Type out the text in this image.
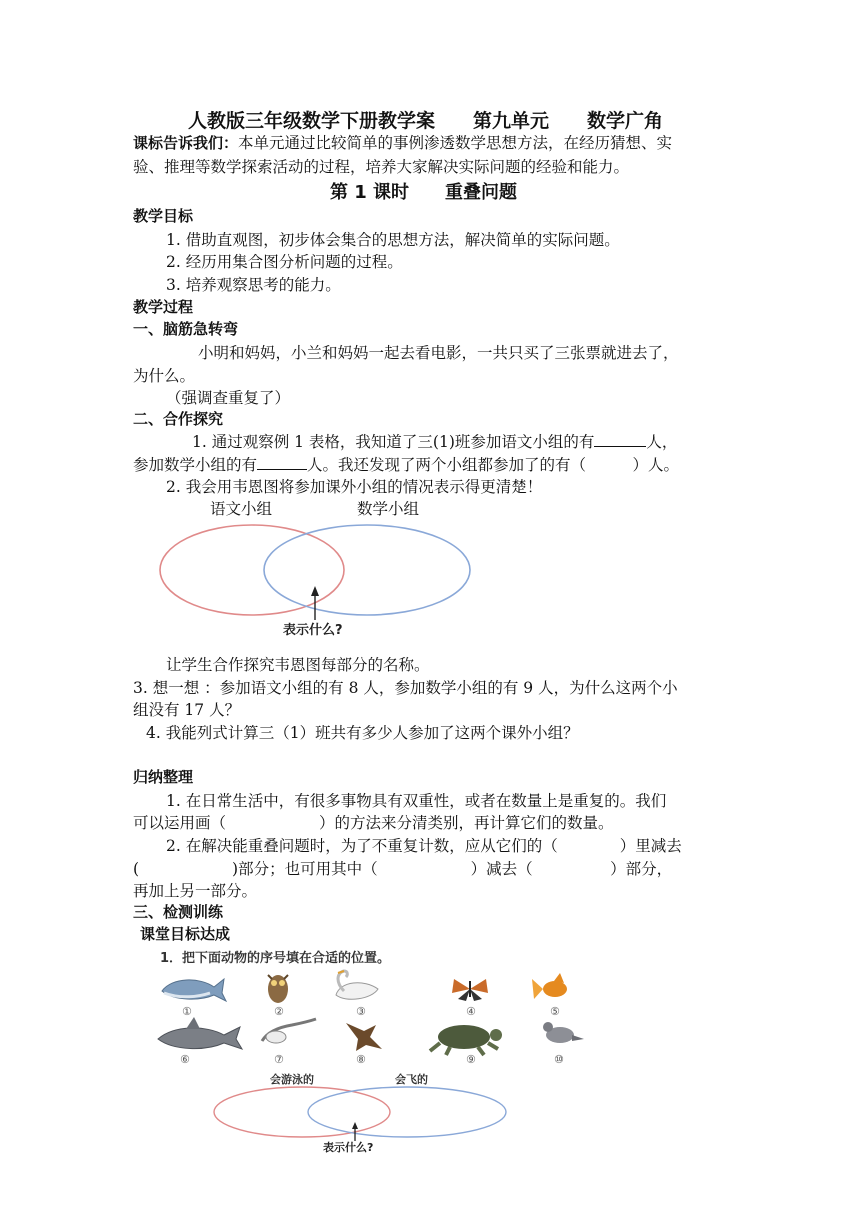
人教版三年级数学下册教学案　　第九单元　　数学广角
课标告诉我们：本单元通过比较简单的事例渗透数学思想方法，在经历猜想、实
验、推理等数学探索活动的过程，培养大家解决实际问题的经验和能力。
第 1 课时　　重叠问题
教学目标
1. 借助直观图，初步体会集合的思想方法，解决简单的实际问题。
2. 经历用集合图分析问题的过程。
3. 培养观察思考的能力。
教学过程
一、脑筋急转弯
小明和妈妈，小兰和妈妈一起去看电影，一共只买了三张票就进去了，
为什么。
（强调查重复了）
二、合作探究
1. 通过观察例 1 表格，我知道了三(1)班参加语文小组的有	人，
参加数学小组的有	人。我还发现了两个小组都参加了的有（　　　）人。
2. 我会用韦恩图将参加课外小组的情况表示得更清楚！
语文小组	数学小组
表示什么?
让学生合作探究韦恩图每部分的名称。
3. 想一想 ：参加语文小组的有 8 人，参加数学小组的有 9 人，为什么这两个小
组没有 17 人？
4. 我能列式计算三（1）班共有多少人参加了这两个课外小组？
归纳整理
1. 在日常生活中，有很多事物具有双重性，或者在数量上是重复的。我们
可以运用画（　　　　　　）的方法来分清类别，再计算它们的数量。
2. 在解决能重叠问题时，为了不重复计数，应从它们的（　　　　）里减去
(　　　　　　)部分；也可用其中（　　　　　　）减去（　　　　　）部分，
再加上另一部分。
三、检测训练
课堂目标达成
1．把下面动物的序号填在合适的位置。
①	②	③	④	⑤
⑥	⑦	⑧	⑨	⑩
会游泳的	会飞的
表示什么?
